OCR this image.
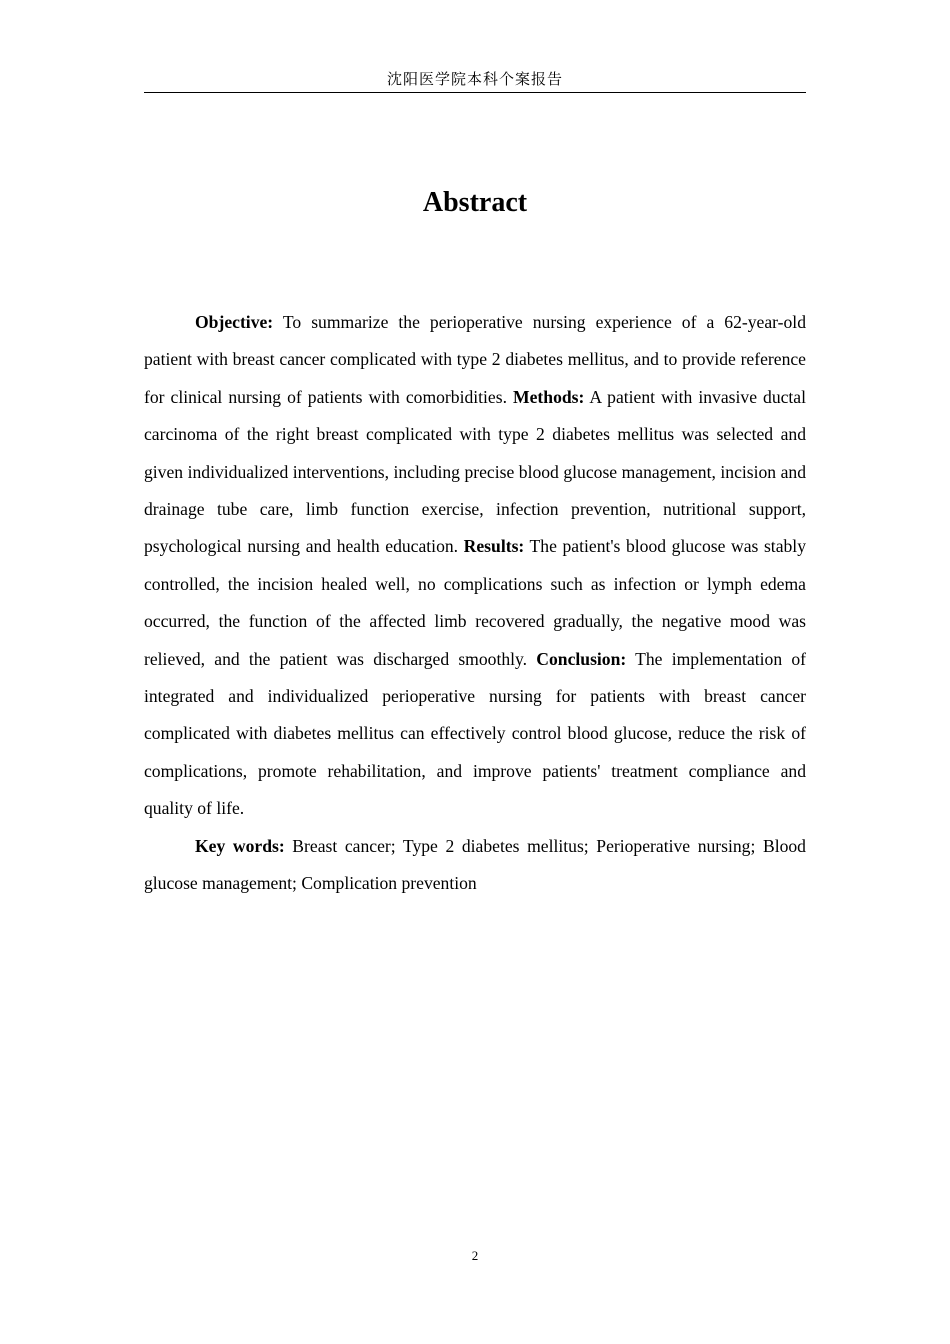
沈阳医学院本科个案报告
Abstract

Objective: To summarize the perioperative nursing experience of a 62-year-old patient with breast cancer complicated with type 2 diabetes mellitus, and to provide reference for clinical nursing of patients with comorbidities. Methods: A patient with invasive ductal carcinoma of the right breast complicated with type 2 diabetes mellitus was selected and given individualized interventions, including precise blood glucose management, incision and drainage tube care, limb function exercise, infection prevention, nutritional support, psychological nursing and health education. Results: The patient's blood glucose was stably controlled, the incision healed well, no complications such as infection or lymph edema occurred, the function of the affected limb recovered gradually, the negative mood was relieved, and the patient was discharged smoothly. Conclusion: The implementation of integrated and individualized perioperative nursing for patients with breast cancer complicated with diabetes mellitus can effectively control blood glucose, reduce the risk of complications, promote rehabilitation, and improve patients' treatment compliance and quality of life.

Key words: Breast cancer; Type 2 diabetes mellitus; Perioperative nursing; Blood glucose management; Complication prevention

2
